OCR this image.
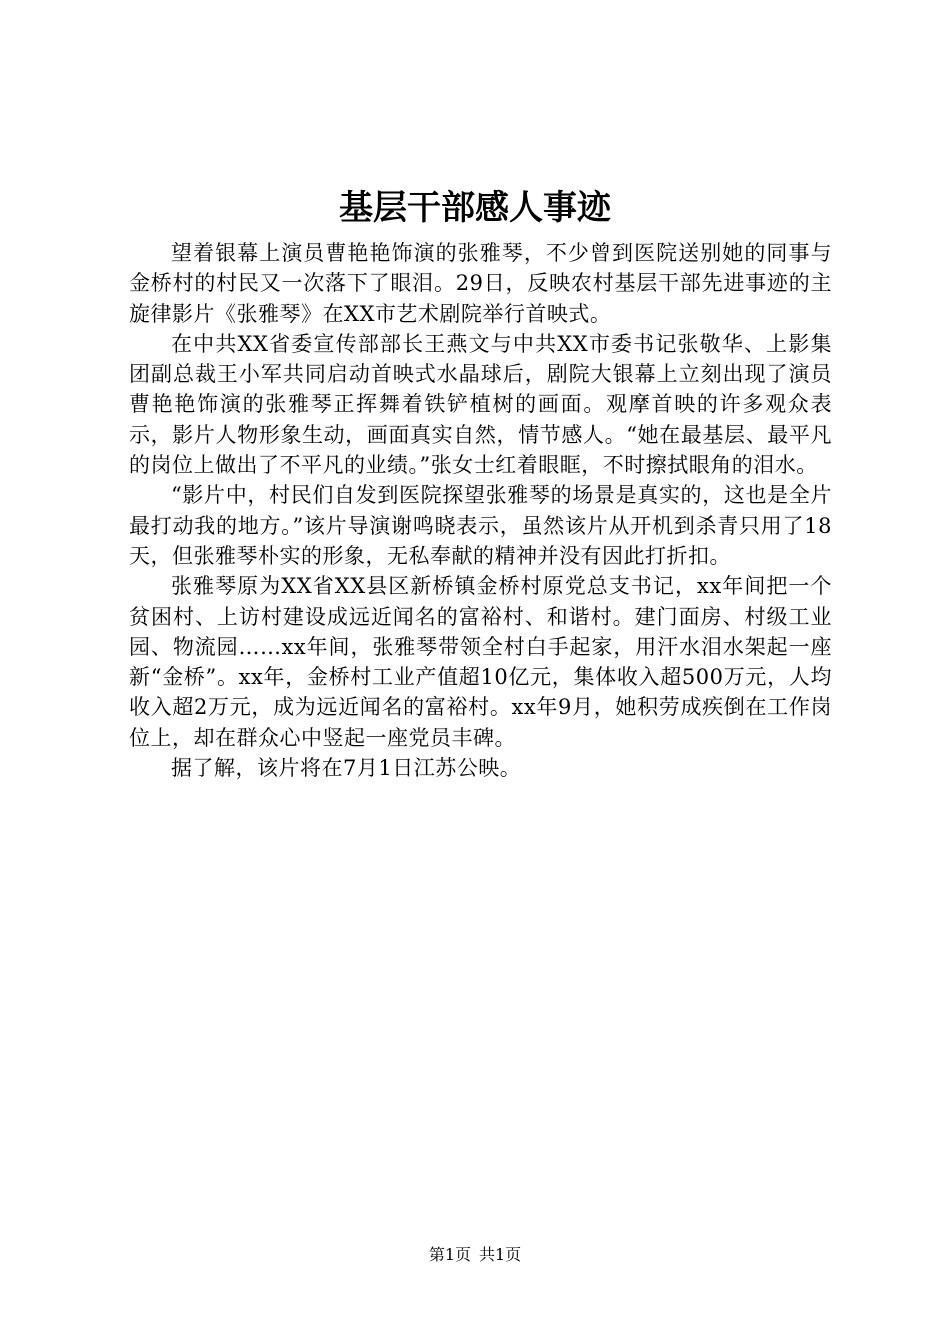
基层干部感人事迹

望着银幕上演员曹艳艳饰演的张雅琴，不少曾到医院送别她的同事与金桥村的村民又一次落下了眼泪。29日，反映农村基层干部先进事迹的主旋律影片《张雅琴》在XX市艺术剧院举行首映式。

在中共XX省委宣传部部长王燕文与中共XX市委书记张敬华、上影集团副总裁王小军共同启动首映式水晶球后，剧院大银幕上立刻出现了演员曹艳艳饰演的张雅琴正挥舞着铁铲植树的画面。观摩首映的许多观众表示，影片人物形象生动，画面真实自然，情节感人。“她在最基层、最平凡的岗位上做出了不平凡的业绩。”张女士红着眼眶，不时擦拭眼角的泪水。

“影片中，村民们自发到医院探望张雅琴的场景是真实的，这也是全片最打动我的地方。”该片导演谢鸣晓表示，虽然该片从开机到杀青只用了18天，但张雅琴朴实的形象，无私奉献的精神并没有因此打折扣。

张雅琴原为XX省XX县区新桥镇金桥村原党总支书记，xx年间把一个贫困村、上访村建设成远近闻名的富裕村、和谐村。建门面房、村级工业园、物流园……xx年间，张雅琴带领全村白手起家，用汗水泪水架起一座新“金桥”。xx年，金桥村工业产值超10亿元，集体收入超500万元，人均收入超2万元，成为远近闻名的富裕村。xx年9月，她积劳成疾倒在工作岗位上，却在群众心中竖起一座党员丰碑。

据了解，该片将在7月1日江苏公映。

第1页 共1页
